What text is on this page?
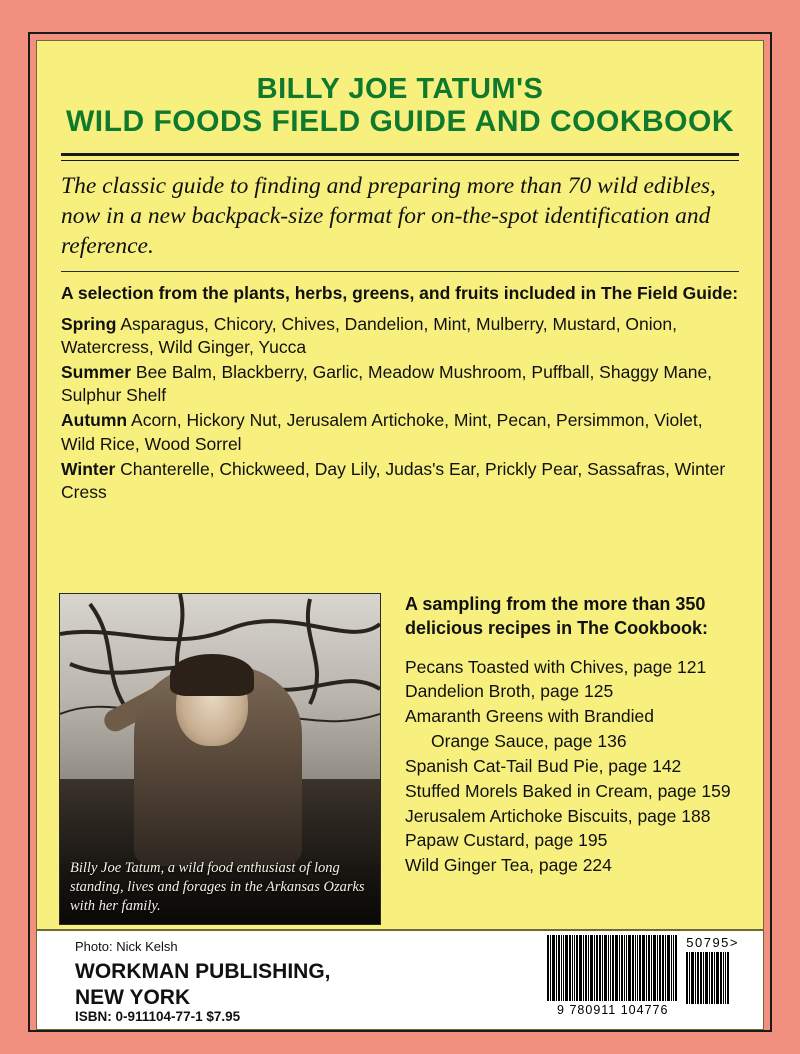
BILLY JOE TATUM'S
WILD FOODS FIELD GUIDE AND COOKBOOK
The classic guide to finding and preparing more than 70 wild edibles, now in a new backpack-size format for on-the-spot identification and reference.
A selection from the plants, herbs, greens, and fruits included in The Field Guide:
Spring Asparagus, Chicory, Chives, Dandelion, Mint, Mulberry, Mustard, Onion, Watercress, Wild Ginger, Yucca
Summer Bee Balm, Blackberry, Garlic, Meadow Mushroom, Puffball, Shaggy Mane, Sulphur Shelf
Autumn Acorn, Hickory Nut, Jerusalem Artichoke, Mint, Pecan, Persimmon, Violet, Wild Rice, Wood Sorrel
Winter Chanterelle, Chickweed, Day Lily, Judas's Ear, Prickly Pear, Sassafras, Winter Cress
Billy Joe Tatum, a wild food enthusiast of long standing, lives and forages in the Arkansas Ozarks with her family.
A sampling from the more than 350 delicious recipes in The Cookbook:
Pecans Toasted with Chives, page 121
Dandelion Broth, page 125
Amaranth Greens with Brandied
Orange Sauce, page 136
Spanish Cat-Tail Bud Pie, page 142
Stuffed Morels Baked in Cream, page 159
Jerusalem Artichoke Biscuits, page 188
Papaw Custard, page 195
Wild Ginger Tea, page 224
Photo: Nick Kelsh
WORKMAN PUBLISHING,
NEW YORK
ISBN: 0-911104-77-1 $7.95	9 780911 104776
50795>
